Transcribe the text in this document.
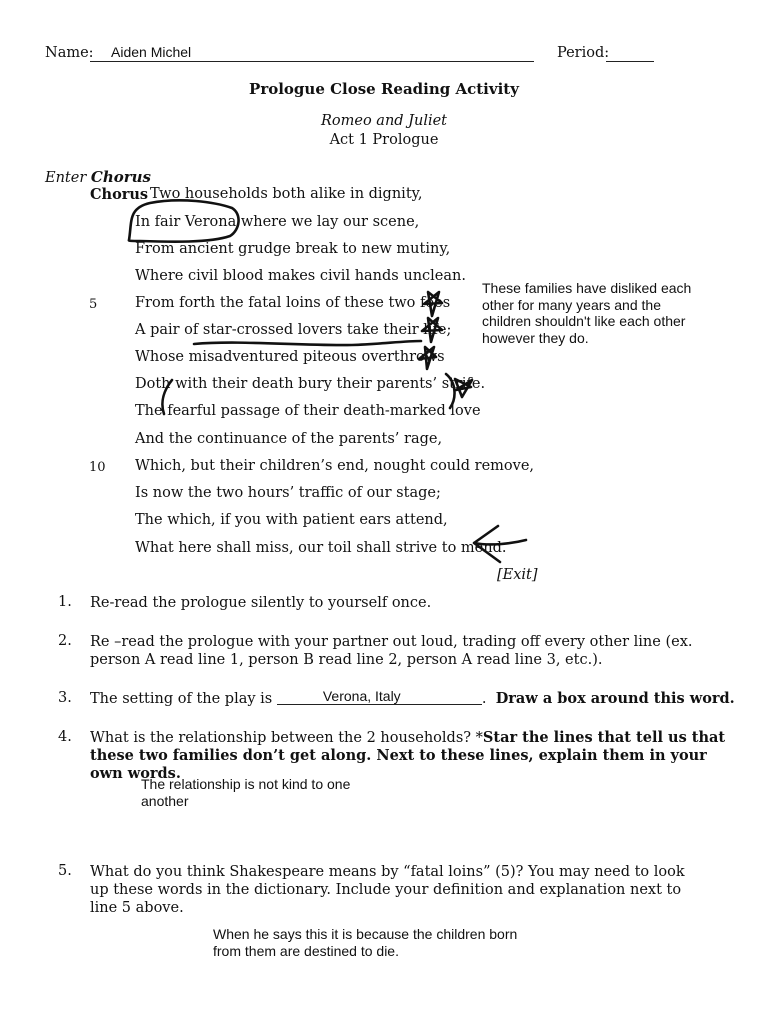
Name: Aiden Michel	Period:
Prologue Close Reading Activity
Romeo and Juliet
Act 1 Prologue
Enter Chorus
Chorus Two households both alike in dignity,
In fair Verona where we lay our scene,
From ancient grudge break to new mutiny,
Where civil blood makes civil hands unclean.
5	From forth the fatal loins of these two foes
A pair of star-crossed lovers take their life;
Whose misadventured piteous overthrows
Doth with their death bury their parents’ strife.
The fearful passage of their death-marked love
And the continuance of the parents’ rage,
10 Which, but their children’s end, nought could remove,
Is now the two hours’ traffic of our stage;
The which, if you with patient ears attend,
What here shall miss, our toil shall strive to mend.
[Exit]
These families have disliked each other for many years and the children shouldn't like each other however they do.
1. Re-read the prologue silently to yourself once.
2. Re –read the prologue with your partner out loud, trading off every other line (ex. person A read line 1, person B read line 2, person A read line 3, etc.).
3. The setting of the play is	Verona, Italy	. Draw a box around this word.
4. What is the relationship between the 2 households? *Star the lines that tell us that these two families don’t get along. Next to these lines, explain them in your own words.
The relationship is not kind to one another
5. What do you think Shakespeare means by “fatal loins” (5)? You may need to look up these words in the dictionary. Include your definition and explanation next to line 5 above.
When he says this it is because the children born from them are destined to die.
